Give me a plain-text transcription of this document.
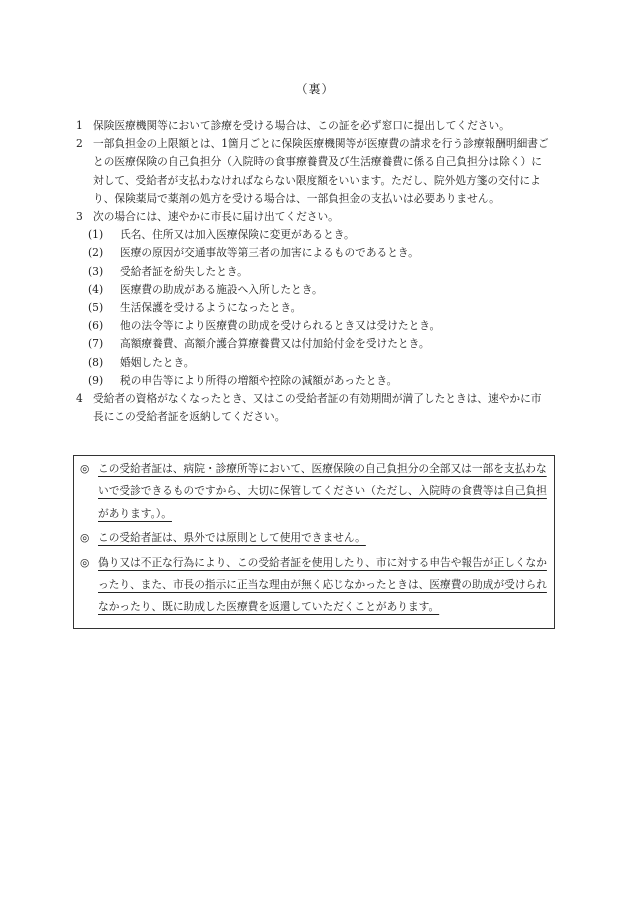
（裏）
1 保険医療機関等において診療を受ける場合は、この証を必ず窓口に提出してください。
2 一部負担金の上限額とは、1箇月ごとに保険医療機関等が医療費の請求を行う診療報酬明細書ごとの医療保険の自己負担分（入院時の食事療養費及び生活療養費に係る自己負担分は除く）に対して、受給者が支払わなければならない限度額をいいます。ただし、院外処方箋の交付により、保険薬局で薬剤の処方を受ける場合は、一部負担金の支払いは必要ありません。
3 次の場合には、速やかに市長に届け出てください。
(1)	氏名、住所又は加入医療保険に変更があるとき。
(2)	医療の原因が交通事故等第三者の加害によるものであるとき。
(3)	受給者証を紛失したとき。
(4)	医療費の助成がある施設へ入所したとき。
(5)	生活保護を受けるようになったとき。
(6)	他の法令等により医療費の助成を受けられるとき又は受けたとき。
(7)	高額療養費、高額介護合算療養費又は付加給付金を受けたとき。
(8)	婚姻したとき。
(9)	税の申告等により所得の増額や控除の減額があったとき。
4 受給者の資格がなくなったとき、又はこの受給者証の有効期間が満了したときは、速やかに市長にこの受給者証を返納してください。
◎ この受給者証は、病院・診療所等において、医療保険の自己負担分の全部又は一部を支払わないで受診できるものですから、大切に保管してください（ただし、入院時の食費等は自己負担があります。）。
◎ この受給者証は、県外では原則として使用できません。
◎ 偽り又は不正な行為により、この受給者証を使用したり、市に対する申告や報告が正しくなかったり、また、市長の指示に正当な理由が無く応じなかったときは、医療費の助成が受けられなかったり、既に助成した医療費を返還していただくことがあります。
